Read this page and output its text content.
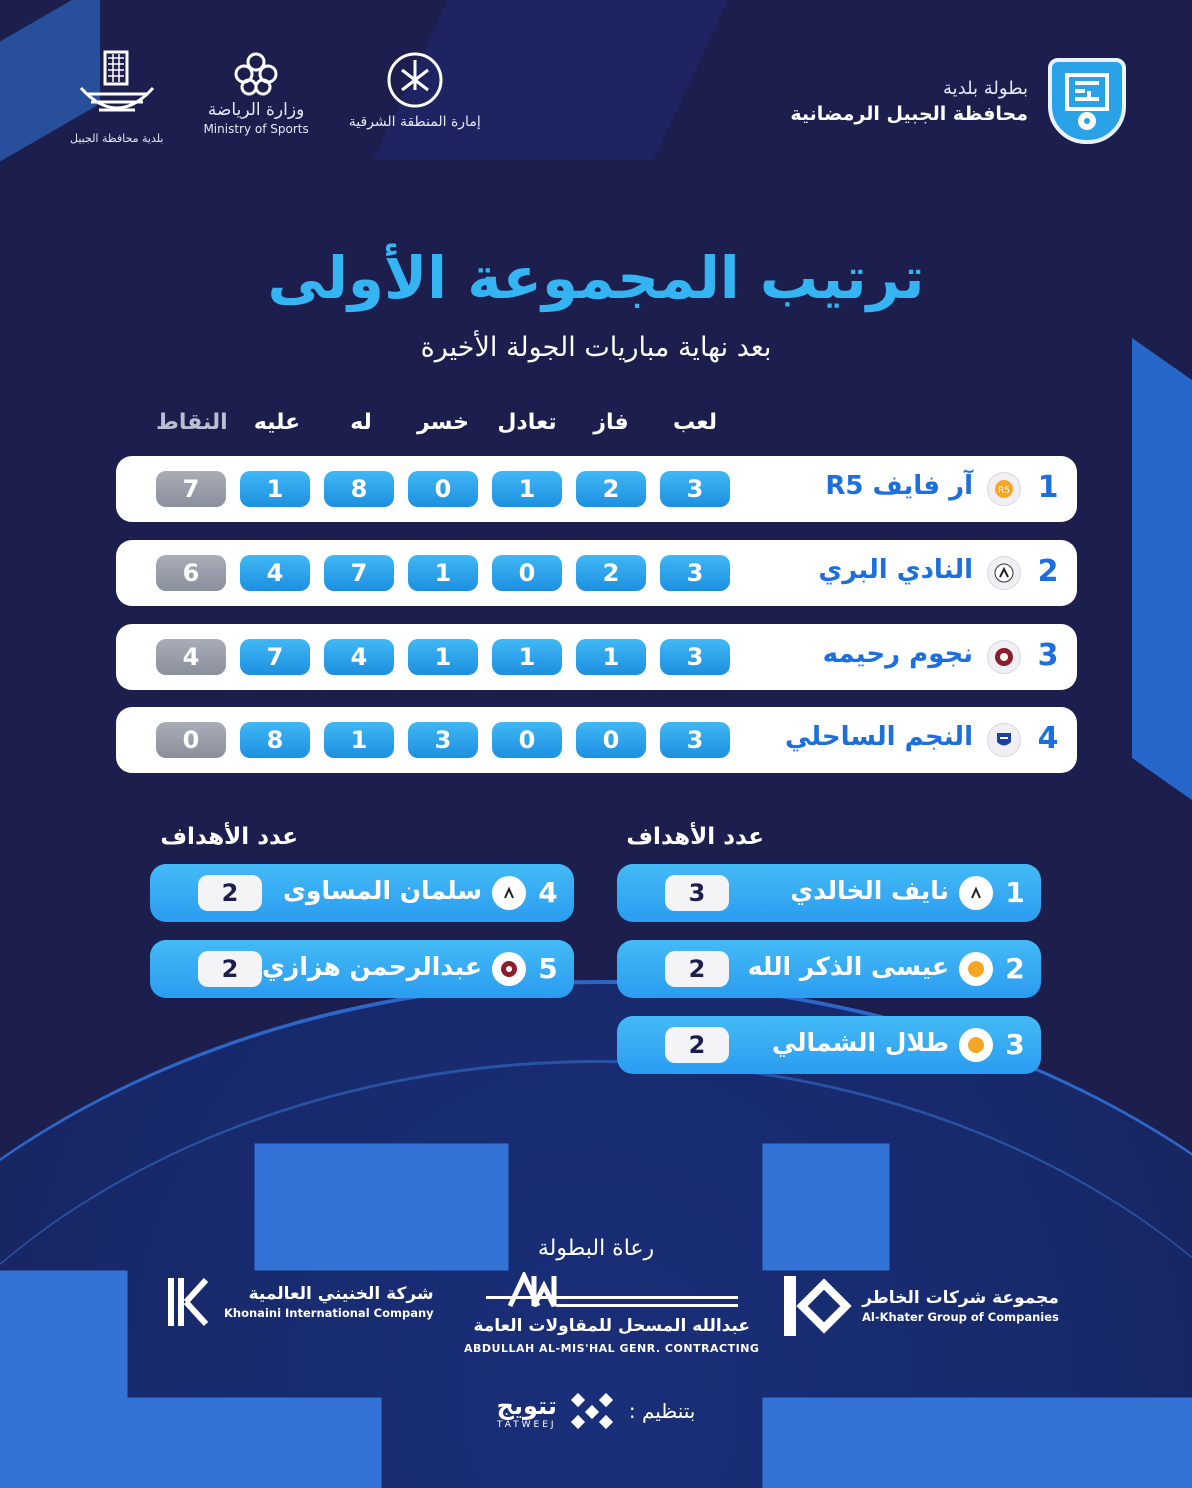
بطولة بلدية
محافظة الجبيل الرمضانية
بلدية محافظة الجبيل
وزارة الرياضة
Ministry of Sports	إمارة المنطقة الشرقية
ترتيب المجموعة الأولى
بعد نهاية مباريات الجولة الأخيرة
لعب
فاز
تعادل
خسر
له
عليه
النقاط
1
R5
آر فايف R5
3
2
1
0
8
1
7
2
النادي البري
3
2
0
1
7
4
6
3
نجوم رحيمه
3
1
1
1
4
7
4
4
النجم الساحلي
3
0
0
3
1
8
0
عدد الأهداف
عدد الأهداف
1
نايف الخالدي
3
2
عيسى الذكر الله
2
3
طلال الشمالي
2
4
سلمان المساوى
2
5
عبدالرحمن هزازي
2
رعاة البطولة
مجموعة شركات الخاطر
Al-Khater Group of Companies
عبدالله المسحل للمقاولات العامة
ABDULLAH AL-MIS'HAL GENR. CONTRACTING
شركة الخنيني العالمية
Khonaini International Company
تتويج
TATWEEJ
بتنظيم :
